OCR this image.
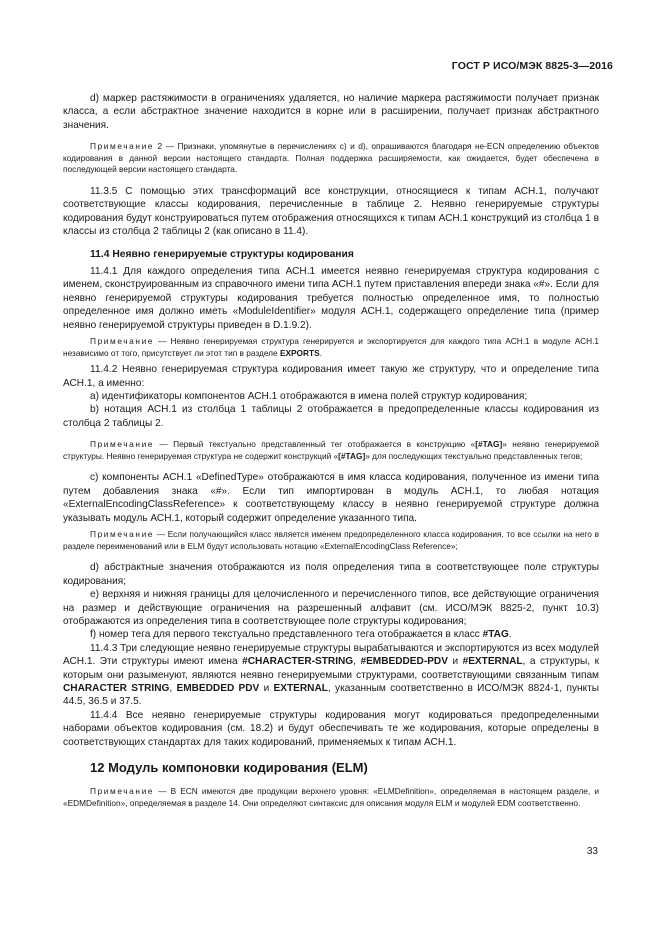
ГОСТ Р ИСО/МЭК 8825-3—2016

d) маркер растяжимости в ограничениях удаляется, но наличие маркера растяжимости получает признак класса, а если абстрактное значение находится в корне или в расширении, получает признак абстрактного значения.

Примечание 2 — Признаки, упомянутые в перечислениях с) и d), опрашиваются благодаря не-ECN определению объектов кодирования в данной версии настоящего стандарта. Полная поддержка расширяемости, как ожидается, будет обеспечена в последующей версии настоящего стандарта.

11.3.5 С помощью этих трансформаций все конструкции, относящиеся к типам АСН.1, получают соответствующие классы кодирования, перечисленные в таблице 2. Неявно генерируемые структуры кодирования будут конструироваться путем отображения относящихся к типам АСН.1 конструкций из столбца 1 в классы из столбца 2 таблицы 2 (как описано в 11.4).

11.4 Неявно генерируемые структуры кодирования

11.4.1 Для каждого определения типа АСН.1 имеется неявно генерируемая структура кодирования с именем, сконструированным из справочного имени типа АСН.1 путем приставления впереди знака «#». Если для неявно генерируемой структуры кодирования требуется полностью определенное имя, то полностью определенное имя должно иметь «ModuleIdentifier» модуля АСН.1, содержащего определение типа (пример неявно генерируемой структуры приведен в D.1.9.2).

Примечание — Неявно генерируемая структура генерируется и экспортируется для каждого типа АСН.1 в модуле АСН.1 независимо от того, присутствует ли этот тип в разделе EXPORTS.

11.4.2 Неявно генерируемая структура кодирования имеет такую же структуру, что и определение типа АСН.1, а именно:

а) идентификаторы компонентов АСН.1 отображаются в имена полей структур кодирования;

b) нотация АСН.1 из столбца 1 таблицы 2 отображается в предопределенные классы кодирования из столбца 2 таблицы 2.

Примечание — Первый текстуально представленный тег отображается в конструкцию «[#TAG]» неявно генерируемой структуры. Неявно генерируемая структура не содержит конструкций «[#TAG]» для последующих текстуально представленных тегов;

с) компоненты АСН.1 «DefinedType» отображаются в имя класса кодирования, полученное из имени типа путем добавления знака «#». Если тип импортирован в модуль АСН.1, то любая нотация «ExternalEncodingClassReference» к соответствующему классу в неявно генерируемой структуре должна указывать модуль АСН.1, который содержит определение указанного типа.

Примечание — Если получающийся класс является именем предопределенного класса кодирования, то все ссылки на него в разделе переименований или в ELM будут использовать нотацию «ExternalEncodingClass Reference»;

d) абстрактные значения отображаются из поля определения типа в соответствующее поле структуры кодирования;

е) верхняя и нижняя границы для целочисленного и перечисленного типов, все действующие ограничения на размер и действующие ограничения на разрешенный алфавит (см. ИСО/МЭК 8825-2, пункт 10.3) отображаются из определения типа в соответствующее поле структуры кодирования;

f) номер тега для первого текстуально представленного тега отображается в класс #TAG.

11.4.3 Три следующие неявно генерируемые структуры вырабатываются и экспортируются из всех модулей АСН.1. Эти структуры имеют имена #CHARACTER-STRING, #EMBEDDED-PDV и #EXTERNAL, а структуры, к которым они разыменуют, являются неявно генерируемыми структурами, соответствующими связанным типам CHARACTER STRING, EMBEDDED PDV и EXTERNAL, указанным соответственно в ИСО/МЭК 8824-1, пункты 44.5, 36.5 и 37.5.

11.4.4 Все неявно генерируемые структуры кодирования могут кодироваться предопределенными наборами объектов кодирования (см. 18.2) и будут обеспечивать те же кодирования, которые определены в соответствующих стандартах для таких кодирований, применяемых к типам АСН.1.

12 Модуль компоновки кодирования (ELM)

Примечание — В ECN имеются две продукции верхнего уровня: «ELMDefinition», определяемая в настоящем разделе, и «EDMDefinition», определяемая в разделе 14. Они определяют синтаксис для описания модуля ELM и модулей EDM соответственно.
33
